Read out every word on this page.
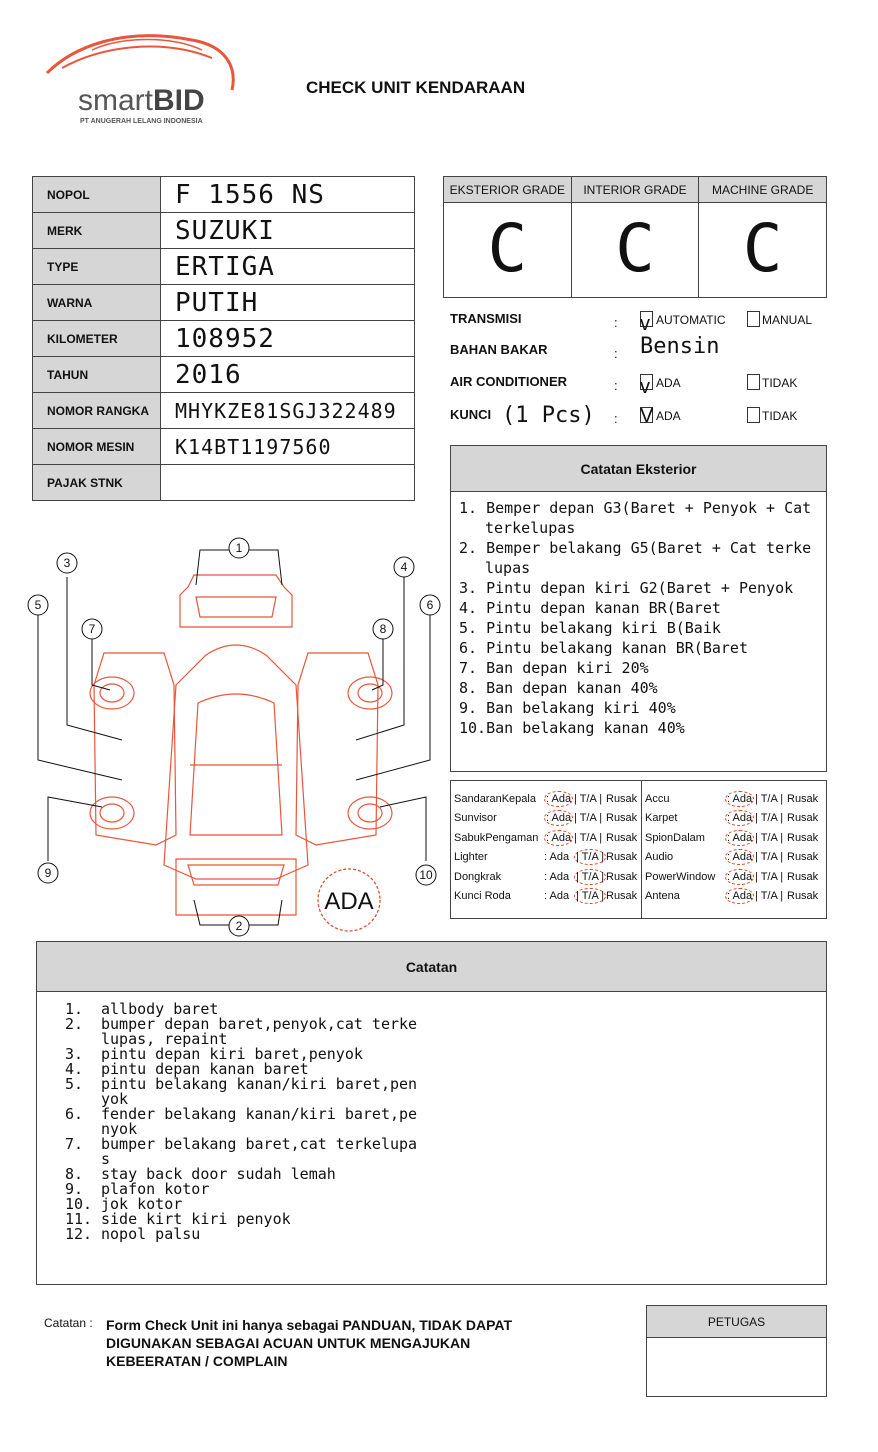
smartBID
PT ANUGERAH LELANG INDONESIA
CHECK UNIT KENDARAAN
NOPOL	F 1556 NS
MERK	SUZUKI
TYPE	ERTIGA
WARNA	PUTIH
KILOMETER	108952
TAHUN	2016
NOMOR RANGKA	MHYKZE81SGJ322489
NOMOR MESIN	K14BT1197560
PAJAK STNK	
EKSTERIOR GRADE
C
INTERIOR GRADE
C
MACHINE GRADE
C
TRANSMISI	: v AUTOMATIC	MANUAL
BAHAN BAKAR	: Bensin
AIR CONDITIONER	: v ADA	TIDAK
KUNCI (1 Pcs) : V ADA	TIDAK
Catatan Eksterior
1. Bemper depan G3(Baret + Penyok + Cat terkelupas
2. Bemper belakang G5(Baret + Cat terke lupas
3. Pintu depan kiri G2(Baret + Penyok
4. Pintu depan kanan BR(Baret
5. Pintu belakang kiri B(Baik
6. Pintu belakang kanan BR(Baret
7. Ban depan kiri 20%
8. Ban depan kanan 40%
9. Ban belakang kiri 40%
10.Ban belakang kanan 40%
SandaranKepala : Ada | T/A | Rusak
Sunvisor	: Ada | T/A | Rusak
SabukPengaman : Ada | T/A | Rusak
Lighter	: Ada | T/A | Rusak
Dongkrak	: Ada | T/A | Rusak
Kunci Roda	: Ada | T/A | Rusak
Accu	: Ada | T/A | Rusak
Karpet	: Ada | T/A | Rusak
SpionDalam : Ada | T/A | Rusak
Audio	: Ada | T/A | Rusak
PowerWindow : Ada | T/A | Rusak
Antena	: Ada | T/A | Rusak
1
2
3	4
5	6
7	8
9	10
ADA
Catatan
1.	allbody baret
2.	bumper depan baret,penyok,cat terke lupas, repaint
3.	pintu depan kiri baret,penyok
4.	pintu depan kanan baret
5.	pintu belakang kanan/kiri baret,pen yok
6.	fender belakang kanan/kiri baret,pe nyok
7.	bumper belakang baret,cat terkelupa s
8.	stay back door sudah lemah
9.	plafon kotor
10. jok kotor
11. side kirt kiri penyok
12. nopol palsu
Catatan : Form Check Unit ini hanya sebagai PANDUAN, TIDAK DAPAT DIGUNAKAN SEBAGAI ACUAN UNTUK MENGAJUKAN KEBEERATAN / COMPLAIN
PETUGAS
